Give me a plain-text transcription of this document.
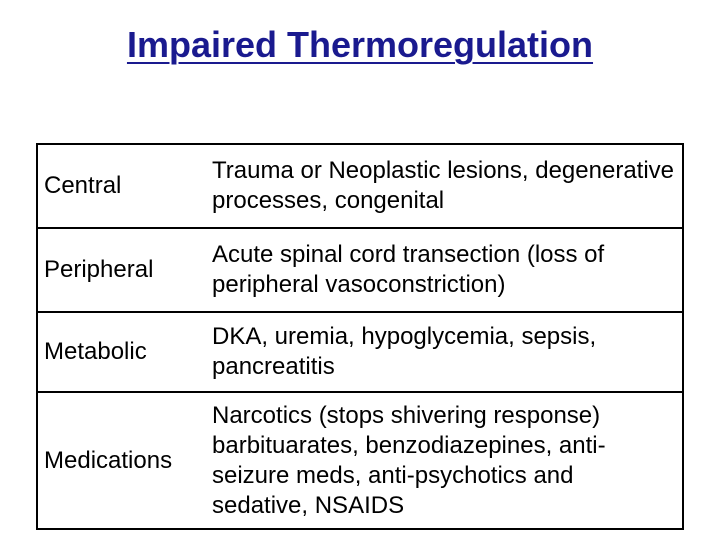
Impaired Thermoregulation
Central
Trauma or Neoplastic lesions, degenerative processes, congenital
Peripheral
Acute spinal cord transection (loss of peripheral vasoconstriction)
Metabolic
DKA, uremia, hypoglycemia, sepsis, pancreatitis
Medications
Narcotics (stops shivering response) barbituarates, benzodiazepines, anti-seizure meds, anti-psychotics and sedative, NSAIDS
